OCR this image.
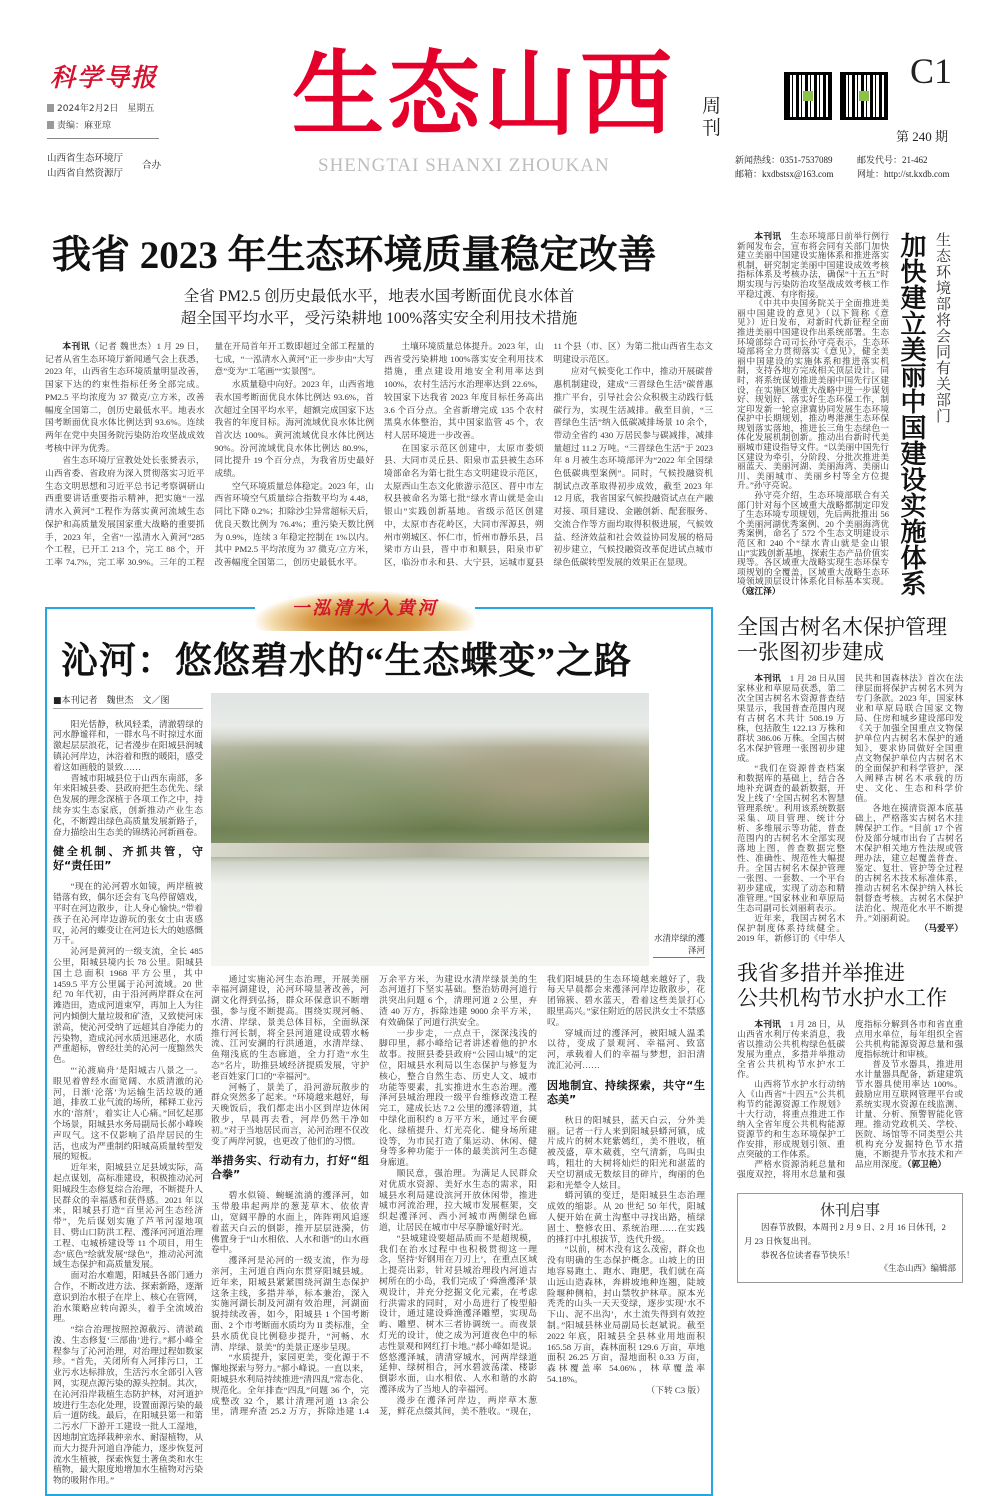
科学导报
2024年2月2日　星期五
责编：麻亚琼
山西省生态环境厅
山西省自然资源厅
合办
生态山西 周刊
SHENGTAI SHANXI ZHOUKAN
C1
第 240 期
新闻热线：0351-7537089	邮发代号：21-462
邮箱：kxdbstsx@163.com	网址：http://st.kxdb.com
我省 2023 年生态环境质量稳定改善
全省 PM2.5 创历史最低水平，地表水国考断面优良水体首
超全国平均水平，受污染耕地 100%落实安全利用技术措施

本刊讯（记者 魏世杰）1 月 29 日，记者从省生态环境厅新闻通气会上获悉，2023 年，山西省生态环境质量明显改善，国家下达的约束性指标任务全部完成。PM2.5 平均浓度为 37 微克/立方米，改善幅度全国第二，创历史最低水平。地表水国考断面优良水体比例达到 93.6%。连续两年在党中央国务院污染防治攻坚战成效考核中评为优秀。

省生态环境厅宣教处处长张赟表示，山西省委、省政府为深入贯彻落实习近平生态文明思想和习近平总书记考察调研山西重要讲话重要指示精神，把实施“一泓清水入黄河”工程作为落实黄河流域生态保护和高质量发展国家重大战略的重要抓手，2023 年，全省“一泓清水入黄河”285 个工程，已开工 213 个，完工 88 个，开工率 74.7%，完工率 30.9%。三年的工程量在开局首年开工数即超过全部工程量的七成，“一泓清水入黄河”正一步步由“大写意”变为“工笔画”“实景图”。

水质量稳中向好。2023 年，山西省地表水国考断面优良水体比例达 93.6%，首次超过全国平均水平，超额完成国家下达我省的年度目标。海河流域优良水体比例首次达 100%。黄河流域优良水体比例达 90%。汾河流域优良水体比例达 80.9%，同比提升 19 个百分点，为我省历史最好成绩。

空气环境质量总体稳定。2023 年，山西省环境空气质量综合指数平均为 4.48，同比下降 0.2%；扣除沙尘异常超标天后，优良天数比例为 76.4%；重污染天数比例为 0.9%，连续 3 年稳定控制在 1%以内。其中 PM2.5 平均浓度为 37 微克/立方米，改善幅度全国第二，创历史最低水平。

土壤环境质量总体提升。2023 年，山西省受污染耕地 100%落实安全利用技术措施，重点建设用地安全利用率达到 100%，农村生活污水治理率达到 22.6%，较国家下达我省 2023 年度目标任务高出 3.6 个百分点。全省新增完成 135 个农村黑臭水体整治，其中国家监管 45 个，农村人居环境进一步改善。

在国家示范区创建中，太原市娄烦县、大同市灵丘县、阳泉市盂县被生态环境部命名为第七批生态文明建设示范区，太原西山生态文化旅游示范区、晋中市左权县被命名为第七批“绿水青山就是金山银山”实践创新基地。省级示范区创建中，太原市杏花岭区，大同市浑源县，朔州市朔城区、怀仁市，忻州市静乐县，吕梁市方山县，晋中市和顺县，阳泉市矿区，临汾市永和县、大宁县，运城市夏县 11 个县（市、区）为第二批山西省生态文明建设示范区。

应对气候变化工作中，推动开展碳普惠机制建设，建成“三晋绿色生活”碳普惠推广平台，引导社会公众积极主动践行低碳行为，实现生活减排。截至目前，“三晋绿色生活”纳入低碳减排场景 10 余个，带动全省约 430 万居民参与碳减排，减排量超过 11.2 万吨。“三晋绿色生活”于 2023 年 8 月被生态环境部评为“2022 年全国绿色低碳典型案例”。同时，气候投融资机制试点改革取得初步成效，截至 2023 年 12 月底，我省国家气候投融资试点在产融对接、项目建设、金融创新、配套服务、交流合作等方面均取得积极进展，气候效益、经济效益和社会效益协同发展的格局初步建立，气候投融资改革促进试点城市绿色低碳转型发展的效果正在显现。

一泓清水入黄河
沁河：悠悠碧水的“生态蝶变”之路
■本刊记者　魏世杰　文／图

阳光恬静，秋风轻柔，清澈碧绿的河水静谧祥和，一群水鸟不时掠过水面激起层层浪花，记者漫步在阳城县润城镇沁河岸边，沐浴着和煦的暖阳，感受着这如画般的景致……

晋城市阳城县位于山西东南部，多年来阳城县委、县政府把生态优先、绿色发展的理念深植于各项工作之中，持续夯实生态家底，创新推动产业生态化，不断蹚出绿色高质量发展新路子，奋力描绘出生态美的锦绣沁河新画卷。

健全机制、齐抓共管，守好“责任田”

“现在的沁河碧水如镜，两岸植被错落有致，偶尔还会有飞鸟停留嬉戏，平时在河边散步，让人身心愉快。”带着孩子在沁河岸边游玩的张女士由衷感叹，沁河的蝶变让在河边长大的她感慨万千。

沁河是黄河的一级支流，全长 485 公里，阳城县境内长 78 公里。阳城县国土总面积 1968 平方公里，其中 1459.5 平方公里属于沁河流域。20 世纪 70 年代初，由于沿河两岸群众在河滩造田，造成河道束窄，再加上人为往河内倾倒大量垃圾和矿渣，又致使河床淤高，使沁河受纳了远超其自净能力的污染物，造成沁河水质迅速恶化，水质严重超标，曾经壮美的沁河一度黯然失色。

“‘沁渡扁舟’是阳城古八景之一。眼见着曾经水面宽阔、水质清澈的沁河，日渐‘沦落’为运输生活垃圾的通道，排放工业气流的场所，稀释工业污水的‘溶剂’，着实让人心痛。”回忆起那个场景，阳城县水务局副局长郝小峰唉声叹气。这不仅影响了沿岸居民的生活，也成为严重制约阳城高质量转型发展的短板。

近年来，阳城县立足县域实际，高起点谋划，高标准建设，积极推动沁河阳城段生态修复综合治理，不断提升人民群众的幸福感和获得感。2021 年以来，阳城县打造“百里沁河生态经济带”，先后谋划实施了芦苇河湿地项目、劈山口防洪工程、濩泽河河道治理工程、屯城桥建设等 11 个项目，用生态“底色”绘就发展“绿色”，推动沁河流域生态保护和高质量发展。

面对治水难题，阳城县各部门通力合作，不断改进方法、探索新路，逐渐意识到治水根子在岸上、核心在管网，治水策略应转向源头，着手全流域治理。

“综合治理按照控源截污、清淤疏浚、生态修复‘三部曲’进行。”郝小峰全程参与了沁河治理，对治理过程如数家珍。“首先，关闭所有入河排污口，工业污水达标排放，生活污水全部引入管网，实现点源污染的源头控制。其次，在沁河沿岸栽植生态防护林，对河道护坡进行生态化处理，设置面源污染的最后一道防线。最后，在阳城县第一和第二污水厂下游开工建设一批人工湿地，因地制宜选择栽种亲水、耐湿植物，从而大力提升河道自净能力，逐步恢复河流水生植被，探索恢复土著鱼类和水生植物，最大限度地增加水生植物对污染物的吸附作用。”

水清岸绿的濩泽河

通过实施沁河生态治理，开展美丽幸福河湖建设，沁河环境显著改善，河湖文化得到弘扬，群众环保意识不断增强，参与度不断提高。围绕实现河畅、水清、岸绿、景美总体目标，全面纵深推行河长制，将全县河道建设成碧水畅流、江河安澜的行洪通道，水清岸绿、鱼翔浅底的生态廊道，全力打造“水生态”名片，助推县域经济提质发展，守护老百姓家门口的“幸福河”。

河畅了，景美了，沿河游玩散步的群众突然多了起来。“环境越来越好，每天晚饭后，我们都走出小区到岸边休闲散步，早晨再去看，河岸仍然干净如初。”对于当地居民而言，沁河治理不仅改变了两岸河貌，也更改了他们的习惯。

举措务实、行动有力，打好“组合拳”

碧水似镜、蜿蜒流淌的濩泽河，如玉带般串起两岸的葱茏草木、依依青山，宽阔平静的水面上，阵阵朔风追逐着蓝天白云的倒影，推开层层涟漪，仿佛置身于“山水相依、人水和谐”的山水画卷中。

濩泽河是沁河的一级支流，作为母亲河，主河道自西向东贯穿阳城县城。近年来，阳城县紧紧围绕河湖生态保护这条主线，多措并举，标本兼治，深入实施河湖长制及河湖有效治理，河湖面貌持续改善，如今，阳城县 1 个国考断面、2 个市考断面水质均为 II 类标准，全县水质优良比例稳步提升，“河畅、水清、岸绿、景美”的美景正逐步呈现。

“水质提升，家园更美，变化源于不懈地探索与努力。”郝小峰说。一直以来，阳城县水利局持续推进“清四乱”常态化、规范化。全年排查“四乱”问题 36 个，完成整改 32 个，累计清理河道 13 余公里，清理弃渣 25.2 万方，拆除违建 1.4 万余平方米，为建设水清岸绿景美的生态河道打下坚实基础。整治妨碍河道行洪突出问题 6 个，清理河道 2 公里，弃渣 40 万方，拆除违建 9000 余平方米，有效确保了河道行洪安全。

一步步走，一点点干，深深浅浅的脚印里，郝小峰给记者讲述着他的护水故事。按照县委县政府“公园山城”的定位，阳城县水利局以生态保护与修复为核心，整合自然生态、历史人文、城市功能等要素，扎实推进水生态治理。濩泽河县城治理段一级平台维修改造工程完工，建成长达 7.2 公里的濩泽碧道，其中绿化面积约 8 万平方米，通过平台硬化、绿植提升、灯光亮化、健身场所建设等，为市民打造了集运动、休闲、健身等多种功能于一体的最美滨河生态健身廊道。

顺民意，强治理。为满足人民群众对优质水资源、美好水生态的需求，阳城县水利局建设滨河开放休闲带，推进城市河流治理，拉大城市发展框架，交织起濩泽河、西小河城市两侧绿色廊道，让居民在城市中尽享静谧好时光。

“县城建设要超品质而不是超规模，我们在治水过程中也积极贯彻这一理念，坚持‘好钢用在刀刃上’，在重点区域上提亮出彩，针对县城治理段内河道古树所在的小岛，我们完成了‘舜渔濩泽’景观设计，并充分挖掘文化元素，在考虑行洪需求的同时，对小岛进行了梭型船设计，通过建设舜渔濩泽雕塑，实现岛屿、雕塑、树木三者协调统一。而夜景灯光的设计，使之成为河道夜色中的标志性景观和网红打卡地。”郝小峰如是说。悠悠濩泽城，清清穿城水，河两岸绿道延伸、绿树相合，河水碧波荡漾、楼影倒影水面，山水相依、人水和谐的水韵濩泽成为了当地人的幸福河。

漫步在濩泽河岸边，两岸草木葱茏，鲜花点缀其间，美不胜收。“现在，我们阳城县的生态环境越来越好了，我每天早晨都会来濩泽河岸边散散步，花团锦簇、碧水蓝天，看着这些美景打心眼里高兴。”家住附近的居民洪女士不禁感叹。

穿城而过的濩泽河，被阳城人温柔以待，变成了景观河、幸福河、致富河，承载着人们的幸福与梦想，汩汩清流汇沁河……

因地制宜、持续探索，共守“生态美”

秋日的阳城县，蓝天白云，分外美丽。记者一行人来到阳城县蟒河镇，成片成片的树木姹紫嫣红，美不胜收，植被茂盛，草木葳蕤，空气清新，鸟叫虫鸣，粗壮的大树将灿烂的阳光和湛蓝的天空切割成无数炫目的碎片，绚丽的色彩和光晕令人炫目。

蟒河镇的变迁，是阳城县生态治理成效的缩影。从 20 世纪 50 年代，阳城人便开始在黄土沟壑中寻找出路，植绿固土、整修农田、系统治理……在实践的捶打中扎根拔节，迭代升级。

“以前，树木没有这么茂密，群众也没有明确的生态保护概念。山坡上的田地容易跑土、跑水、跑肥，我们就在高山远山造森林，奔耕坡地种连翘，陡坡险堰种侧柏，封山禁牧护林草。原本光秃秃的山头一天天变绿，逐步实现‘水不下山、泥不出沟’，水土流失得到有效控制。”阳城县林业局副局长赵斌说。截至 2022 年底，阳城县全县林业用地面积 165.58 万亩，森林面积 129.6 万亩，草地面积 26.25 万亩，湿地面积 0.33 万亩，森林覆盖率 54.06%，林草覆盖率 54.18%。

（下转 C3 版）

本刊讯　 生态环境部日前举行例行新闻发布会，宣布将会同有关部门加快建立美丽中国建设实施体系和推进落实机制，研究制定美丽中国建设成效考核指标体系及考核办法，确保“十五五”时期实现与污染防治攻坚战成效考核工作平稳过渡、有序衔接。

《中共中央国务院关于全面推进美丽中国建设的意见》（以下简称《意见》）近日发布，对新时代新征程全面推进美丽中国建设作出系统部署。生态环境部综合司司长孙守亮表示，生态环境部将全力贯彻落实《意见》，健全美丽中国建设的实施体系和推进落实机制，支持各地方完成相关顶层设计。同时，将系统谋划推进美丽中国先行区建设，在实施区域重大战略中进一步谋划好、规划好、落实好生态环保工作，制定印发新一轮京津冀协同发展生态环境保护中长期规划，推动粤港澳生态环保规划落实落地，推进长三角生态绿色一体化发展机制创新。推动出台新时代美丽城市建设指导文件。“以美丽中国先行区建设为牵引，分阶段、分批次推进美丽蓝天、美丽河湖、美丽海湾、美丽山川、美丽城市、美丽乡村等全方位提升。”孙守亮说。

孙守亮介绍，生态环境部联合有关部门针对每个区域重大战略都制定印发了生态环境专项规划，先后两批推出 56 个美丽河湖优秀案例、20 个美丽海湾优秀案例，命名了 572 个生态文明建设示范区和 240 个“绿水青山就是金山银山”实践创新基地，探索生态产品价值实现等。各区域重大战略实现生态环保专项规划的全覆盖，区域重大战略生态环境领域顶层设计体系化目标基本实现。（寇江泽）	加快建立美丽中国建设实施体系 生态环境部将会同有关部门
全国古树名木保护管理
一张图初步建成

本刊讯　 1 月 28 日从国家林业和草原局获悉，第二次全国古树名木资源普查结果显示，我国普查范围内现有古树名木共计 508.19 万株，包括散生 122.13 万株和群状 386.06 万株。全国古树名木保护管理一张图初步建成。

“我们在资源普查档案和数据库的基础上，结合各地补充调查的最新数据，开发上线了‘全国古树名木智慧管理系统’。利用该系统数据采集、项目管理、统计分析、多维展示等功能，普查范围内的古树名木全部实现落地上图，普查数据完整性、准确性、规范性大幅提升。全国古树名木保护管理一张图、一套数、一个平台初步建成，实现了动态和精准管理。”国家林业和草原局生态司副司长刘丽莉表示。

近年来，我国古树名木保护制度体系持续健全。2019 年，新修订的《中华人民共和国森林法》首次在法律层面将保护古树名木列为专门条款。2023 年，国家林业和草原局联合国家文物局、住房和城乡建设部印发《关于加强全国重点文物保护单位内古树名木保护的通知》，要求协同做好全国重点文物保护单位内古树名木的全面保护和科学管护，深入阐释古树名木承载的历史、文化、生态和科学价值。

各地在摸清资源本底基础上，严格落实古树名木挂牌保护工作。“目前 17 个省份及部分城市出台了古树名木保护相关地方性法规或管理办法，建立起覆盖普查、鉴定、复壮、管护等全过程的古树名木技术标准体系，推动古树名木保护纳入林长制督查考核。古树名木保护法治化、规范化水平不断提升。”刘丽莉说。

（马爱平）

我省多措并举推进
公共机构节水护水工作

本刊讯　 1 月 28 日，从山西省水利厅传来消息，我省以推动公共机构绿色低碳发展为重点，多措并举推动全省公共机构节水护水工作。

山西将节水护水行动纳入《山西省“十四五”公共机构节约能源资源工作规划》十大行动，将重点推进工作纳入全省年度公共机构能源资源节约和生态环境保护工作安排，形成规划引领、重点突破的工作体系。

严格水资源消耗总量和强度双控，将用水总量和强度指标分解到各市和省直重点用水单位，每年组织全省公共机构能源资源总量和强度指标统计和审核。

普及节水器具，推进用水计量器具配备，新建建筑节水器具使用率达 100%。鼓励应用互联网管理平台或系统实现水资源在线监测、计量、分析、预警智能化管理。推动党政机关、学校、医院、场馆等不同类型公共机构充分发掘特色节水措施，不断提升节水技术和产品应用深度。（郭卫艳）

休刊启事

因春节放假，本周刊 2 月 9 日、2 月 16 日休刊，2 月 23 日恢复出刊。

恭祝各位读者春节快乐！

《生态山西》编辑部
